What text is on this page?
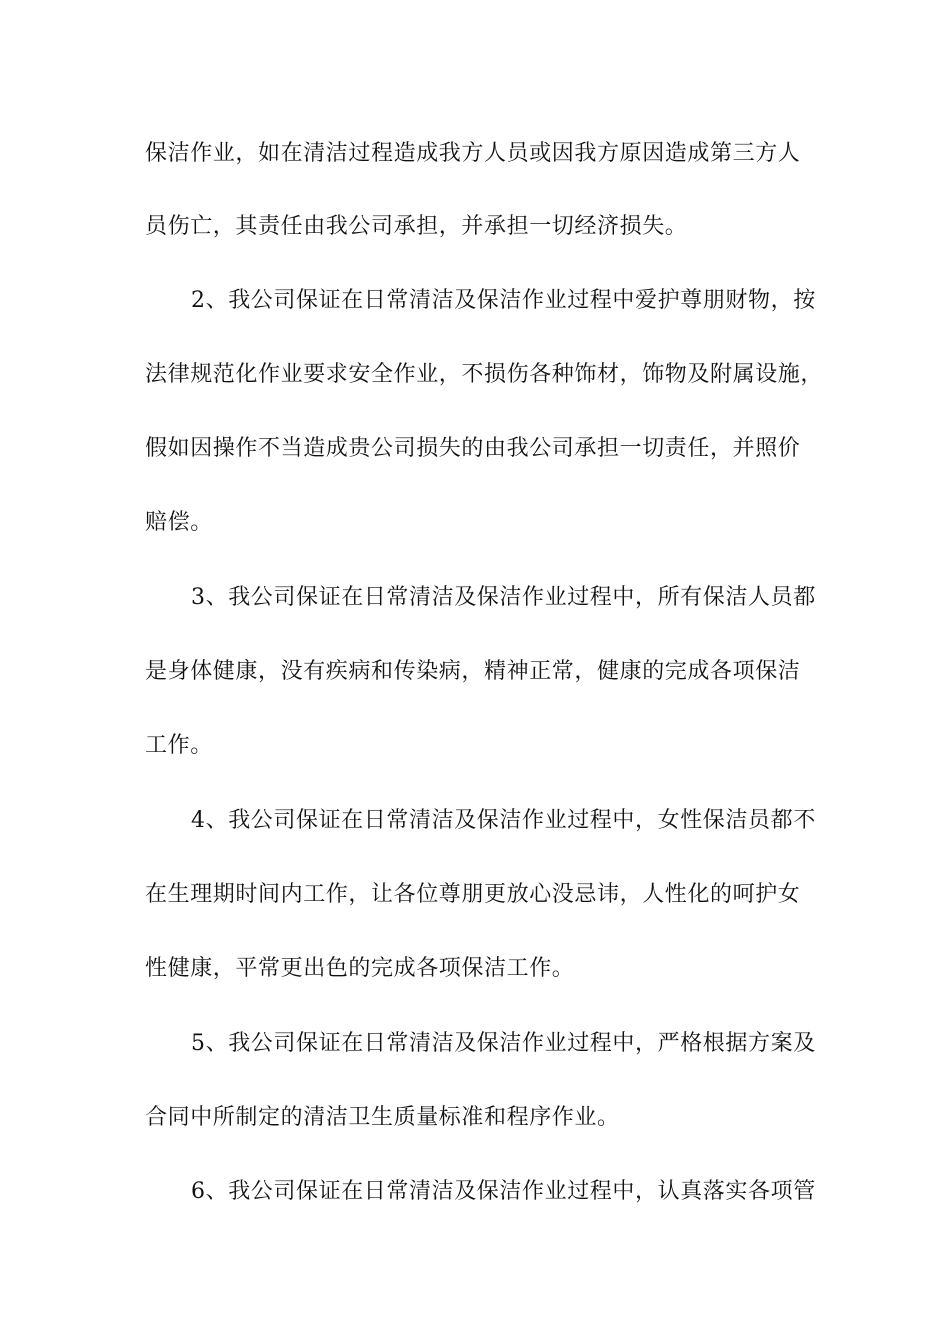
保洁作业，如在清洁过程造成我方人员或因我方原因造成第三方人
员伤亡，其责任由我公司承担，并承担一切经济损失。
2、我公司保证在日常清洁及保洁作业过程中爱护尊朋财物，按
法律规范化作业要求安全作业，不损伤各种饰材，饰物及附属设施，
假如因操作不当造成贵公司损失的由我公司承担一切责任，并照价
赔偿。
3、我公司保证在日常清洁及保洁作业过程中，所有保洁人员都
是身体健康，没有疾病和传染病，精神正常，健康的完成各项保洁
工作。
4、我公司保证在日常清洁及保洁作业过程中，女性保洁员都不
在生理期时间内工作，让各位尊朋更放心没忌讳，人性化的呵护女
性健康，平常更出色的完成各项保洁工作。
5、我公司保证在日常清洁及保洁作业过程中，严格根据方案及
合同中所制定的清洁卫生质量标准和程序作业。
6、我公司保证在日常清洁及保洁作业过程中，认真落实各项管
